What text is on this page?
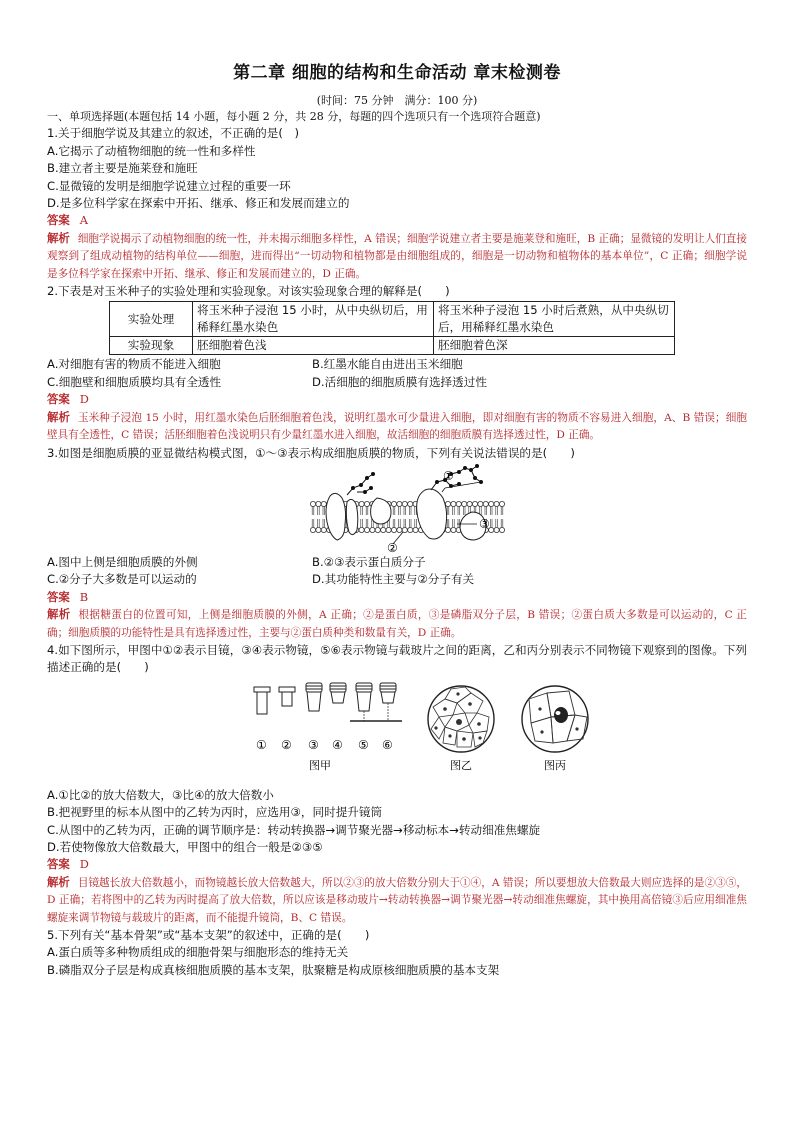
第二章 细胞的结构和生命活动 章末检测卷
(时间：75 分钟　满分：100 分)
一、单项选择题(本题包括 14 小题，每小题 2 分，共 28 分，每题的四个选项只有一个选项符合题意)
1.关于细胞学说及其建立的叙述，不正确的是(　)
A.它揭示了动植物细胞的统一性和多样性
B.建立者主要是施莱登和施旺
C.显微镜的发明是细胞学说建立过程的重要一环
D.是多位科学家在探索中开拓、继承、修正和发展而建立的
答案 A
解析 细胞学说揭示了动植物细胞的统一性，并未揭示细胞多样性，A 错误；细胞学说建立者主要是施莱登和施旺，B 正确；显微镜的发明让人们直接观察到了组成动植物的结构单位——细胞，进而得出“一切动物和植物都是由细胞组成的，细胞是一切动物和植物体的基本单位”，C 正确；细胞学说是多位科学家在探索中开拓、继承、修正和发展而建立的，D 正确。
2.下表是对玉米种子的实验处理和实验现象。对该实验现象合理的解释是(　　)
实验处理	将玉米种子浸泡 15 小时，从中央纵切后，用稀释红墨水染色	将玉米种子浸泡 15 小时后煮熟，从中央纵切后，用稀释红墨水染色
实验现象	胚细胞着色浅	胚细胞着色深
A.对细胞有害的物质不能进入细胞	B.红墨水能自由进出玉米细胞
C.细胞壁和细胞质膜均具有全透性	D.活细胞的细胞质膜有选择透过性
答案 D
解析 玉米种子浸泡 15 小时，用红墨水染色后胚细胞着色浅，说明红墨水可少量进入细胞，即对细胞有害的物质不容易进入细胞，A、B 错误；细胞壁具有全透性，C 错误；活胚细胞着色浅说明只有少量红墨水进入细胞，故活细胞的细胞质膜有选择透过性，D 正确。
3.如图是细胞质膜的亚显微结构模式图，①～③表示构成细胞质膜的物质，下列有关说法错误的是(　　)
①
③
②
A.图中上侧是细胞质膜的外侧	B.②③表示蛋白质分子
C.②分子大多数是可以运动的	D.其功能特性主要与②分子有关
答案 B
解析 根据糖蛋白的位置可知，上侧是细胞质膜的外侧，A 正确；②是蛋白质，③是磷脂双分子层，B 错误；②蛋白质大多数是可以运动的，C 正确；细胞质膜的功能特性是具有选择透过性，主要与②蛋白质种类和数量有关，D 正确。
4.如下图所示，甲图中①②表示目镜，③④表示物镜，⑤⑥表示物镜与载玻片之间的距离，乙和丙分别表示不同物镜下观察到的图像。下列描述正确的是(　　)
① ② ③ ④ ⑤ ⑥
图甲	图乙	图丙
A.①比②的放大倍数大，③比④的放大倍数小
B.把视野里的标本从图中的乙转为丙时，应选用③，同时提升镜筒
C.从图中的乙转为丙，正确的调节顺序是：转动转换器→调节聚光器→移动标本→转动细准焦螺旋
D.若使物像放大倍数最大，甲图中的组合一般是②③⑤
答案 D
解析 目镜越长放大倍数越小，而物镜越长放大倍数越大，所以②③的放大倍数分别大于①④，A 错误；所以要想放大倍数最大则应选择的是②③⑤，D 正确；若将图中的乙转为丙时提高了放大倍数，所以应该是移动玻片→转动转换器→调节聚光器→转动细准焦螺旋，其中换用高倍镜③后应用细准焦螺旋来调节物镜与载玻片的距离，而不能提升镜筒，B、C 错误。
5.下列有关“基本骨架”或“基本支架”的叙述中，正确的是(　　)
A.蛋白质等多种物质组成的细胞骨架与细胞形态的维持无关
B.磷脂双分子层是构成真核细胞质膜的基本支架，肽聚糖是构成原核细胞质膜的基本支架
